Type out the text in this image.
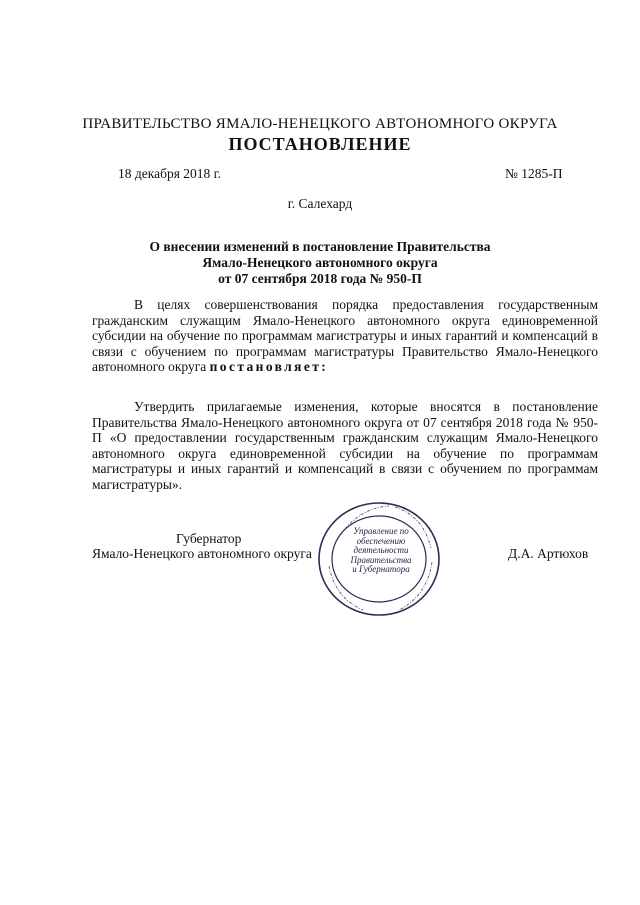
ПРАВИТЕЛЬСТВО ЯМАЛО-НЕНЕЦКОГО АВТОНОМНОГО ОКРУГА
ПОСТАНОВЛЕНИЕ
18 декабря 2018 г.	№ 1285-П
г. Салехард
О внесении изменений в постановление Правительства
Ямало-Ненецкого автономного округа
от 07 сентября 2018 года № 950-П
В целях совершенствования порядка предоставления государственным гражданским служащим Ямало-Ненецкого автономного округа единовременной субсидии на обучение по программам магистратуры и иных гарантий и компенсаций в связи с обучением по программам магистратуры Правительство Ямало-Ненецкого автономного округа постановляет:
Утвердить прилагаемые изменения, которые вносятся в постановление Правительства Ямало-Ненецкого автономного округа от 07 сентября 2018 года № 950-П «О предоставлении государственным гражданским служащим Ямало-Ненецкого автономного округа единовременной субсидии на обучение по программам магистратуры и иных гарантий и компенсаций в связи с обучением по программам магистратуры».
Губернатор
Ямало-Ненецкого автономного округа	Д.А. Артюхов
Управление по
обеспечению
деятельности
Правительства
и Губернатора
